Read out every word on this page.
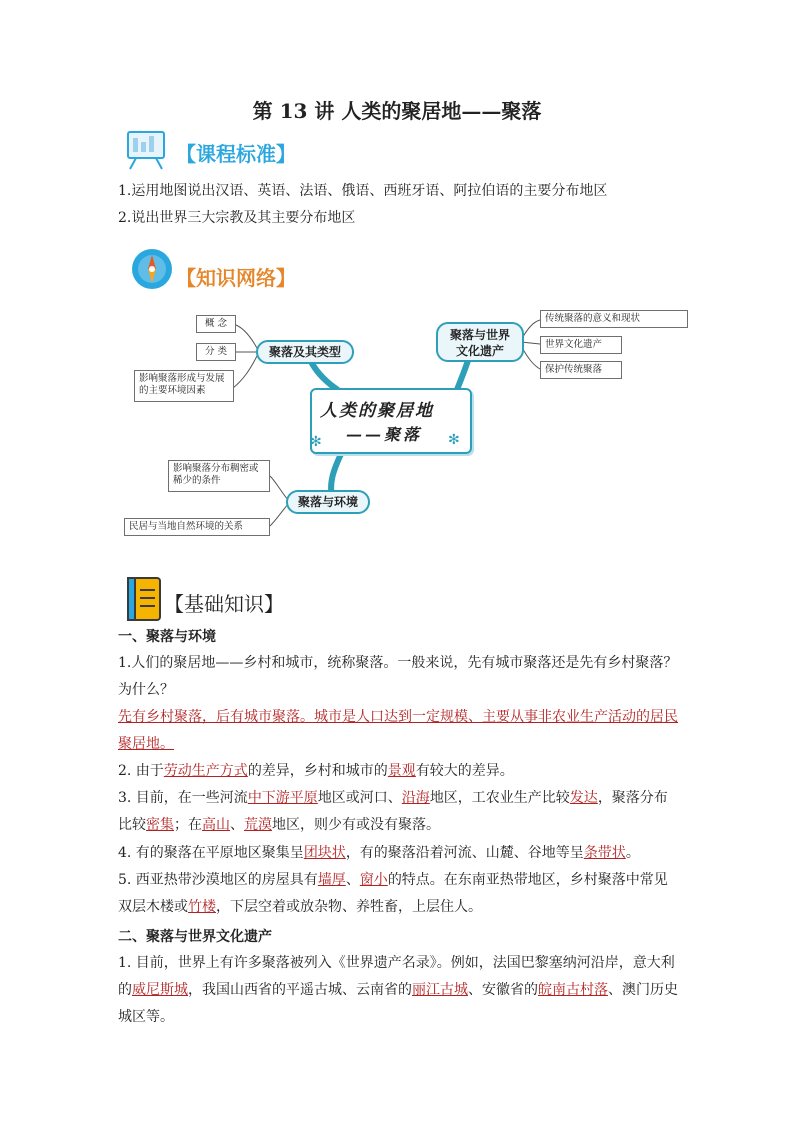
第 13 讲 人类的聚居地——聚落
【课程标准】
1.运用地图说出汉语、英语、法语、俄语、西班牙语、阿拉伯语的主要分布地区
2.说出世界三大宗教及其主要分布地区
【知识网络】
人类的聚居地
——聚落
✻	✻
聚落及其类型
概 念
分 类
影响聚落形成与发展的主要环境因素
聚落与世界
文化遗产
传统聚落的意义和现状
世界文化遗产
保护传统聚落
聚落与环境
影响聚落分布稠密或稀少的条件
民居与当地自然环境的关系
【基础知识】
一、聚落与环境
1.人们的聚居地——乡村和城市，统称聚落。一般来说，先有城市聚落还是先有乡村聚落？为什么？
先有乡村聚落，后有城市聚落。城市是人口达到一定规模、主要从事非农业生产活动的居民聚居地。
2. 由于劳动生产方式的差异，乡村和城市的景观有较大的差异。
3. 目前，在一些河流中下游平原地区或河口、沿海地区，工农业生产比较发达，聚落分布比较密集；在高山、荒漠地区，则少有或没有聚落。
4. 有的聚落在平原地区聚集呈团块状，有的聚落沿着河流、山麓、谷地等呈条带状。
5. 西亚热带沙漠地区的房屋具有墙厚、窗小的特点。在东南亚热带地区，乡村聚落中常见双层木楼或竹楼，下层空着或放杂物、养牲畜，上层住人。
二、聚落与世界文化遗产
1. 目前，世界上有许多聚落被列入《世界遗产名录》。例如，法国巴黎塞纳河沿岸，意大利的威尼斯城，我国山西省的平遥古城、云南省的丽江古城、安徽省的皖南古村落、澳门历史城区等。
